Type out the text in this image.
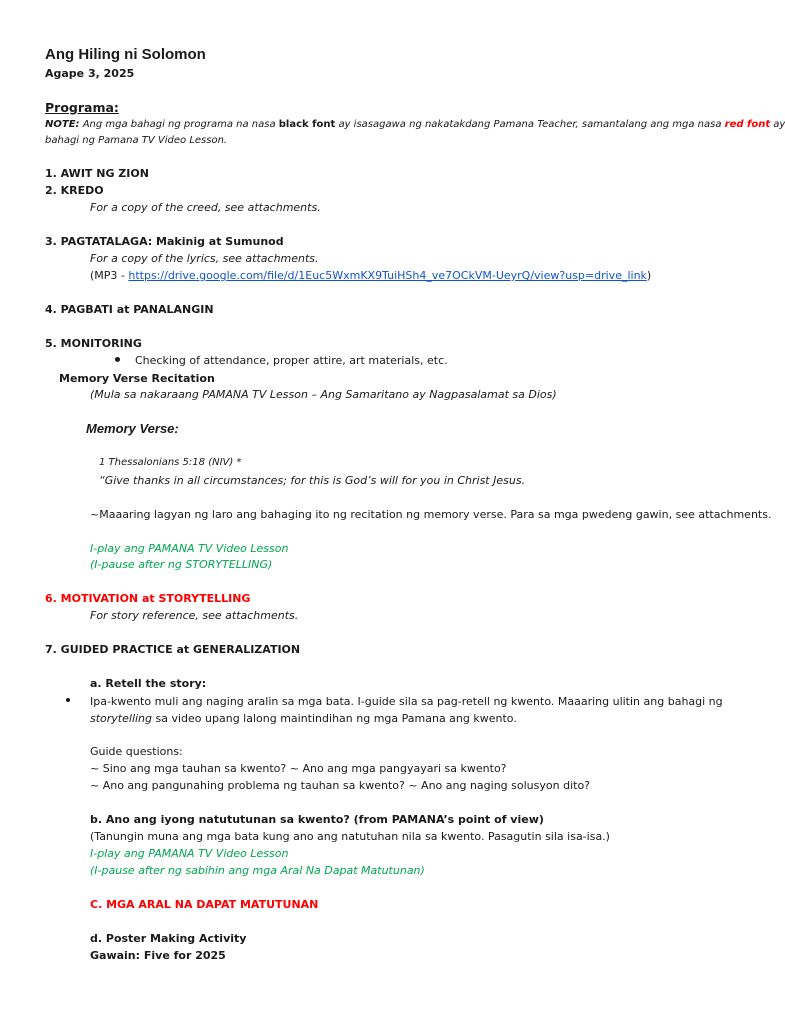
Ang Hiling ni Solomon
Agape 3, 2025
Programa:
NOTE: Ang mga bahagi ng programa na nasa black font ay isasagawa ng nakatakdang Pamana Teacher, samantalang ang mga nasa red font ay
bahagi ng Pamana TV Video Lesson.
1. AWIT NG ZION
2. KREDO
For a copy of the creed, see attachments.
3. PAGTATALAGA: Makinig at Sumunod
For a copy of the lyrics, see attachments.
(MP3 - https://drive.google.com/file/d/1Euc5WxmKX9TuiHSh4_ve7OCkVM-UeyrQ/view?usp=drive_link)
4. PAGBATI at PANALANGIN
5. MONITORING
Checking of attendance, proper attire, art materials, etc.
Memory Verse Recitation
(Mula sa nakaraang PAMANA TV Lesson – Ang Samaritano ay Nagpasalamat sa Dios)
Memory Verse:
1 Thessalonians 5:18 (NIV) *
“Give thanks in all circumstances; for this is God’s will for you in Christ Jesus.
~Maaaring lagyan ng laro ang bahaging ito ng recitation ng memory verse. Para sa mga pwedeng gawin, see attachments.
I-play ang PAMANA TV Video Lesson
(I-pause after ng STORYTELLING)
6. MOTIVATION at STORYTELLING
For story reference, see attachments.
7. GUIDED PRACTICE at GENERALIZATION
a. Retell the story:
Ipa-kwento muli ang naging aralin sa mga bata. I-guide sila sa pag-retell ng kwento. Maaaring ulitin ang bahagi ng
storytelling sa video upang lalong maintindihan ng mga Pamana ang kwento.
Guide questions:
~ Sino ang mga tauhan sa kwento? ~ Ano ang mga pangyayari sa kwento?
~ Ano ang pangunahing problema ng tauhan sa kwento? ~ Ano ang naging solusyon dito?
b. Ano ang iyong natututunan sa kwento? (from PAMANA’s point of view)
(Tanungin muna ang mga bata kung ano ang natutuhan nila sa kwento. Pasagutin sila isa-isa.)
I-play ang PAMANA TV Video Lesson
(I-pause after ng sabihin ang mga Aral Na Dapat Matutunan)
C. MGA ARAL NA DAPAT MATUTUNAN
d. Poster Making Activity
Gawain: Five for 2025
